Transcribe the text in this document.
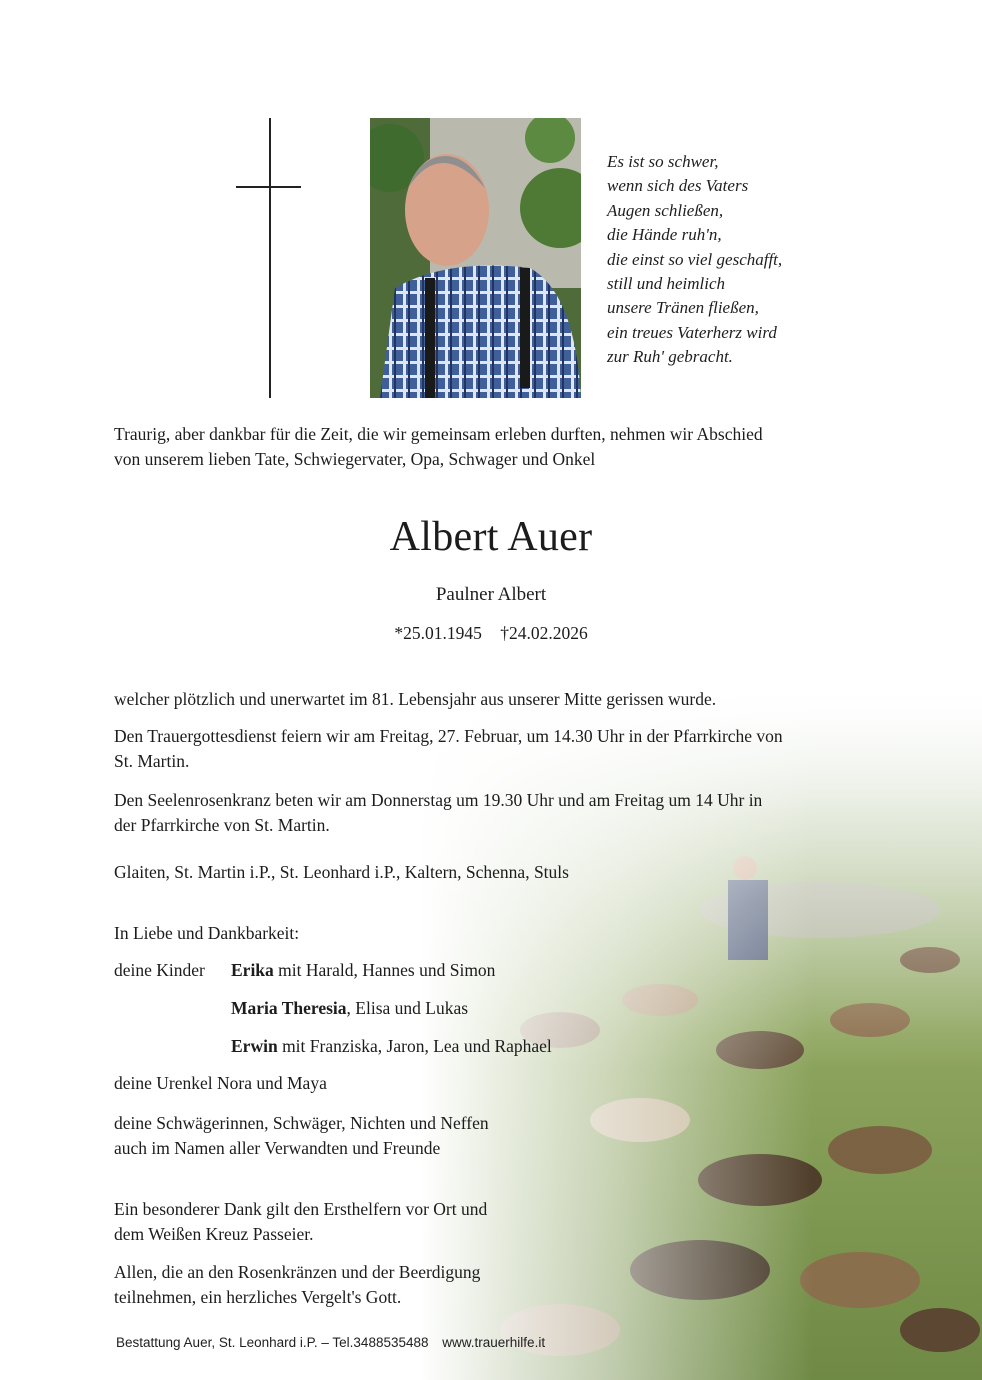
Es ist so schwer,
wenn sich des Vaters
Augen schließen,
die Hände ruh'n,
die einst so viel geschafft,
still und heimlich
unsere Tränen fließen,
ein treues Vaterherz wird
zur Ruh' gebracht.
Traurig, aber dankbar für die Zeit, die wir gemeinsam erleben durften, nehmen wir Abschied
von unserem lieben Tate, Schwiegervater, Opa, Schwager und Onkel
Albert Auer
Paulner Albert
*25.01.1945 †24.02.2026
welcher plötzlich und unerwartet im 81. Lebensjahr aus unserer Mitte gerissen wurde.
Den Trauergottesdienst feiern wir am Freitag, 27. Februar, um 14.30 Uhr in der Pfarrkirche von
St. Martin.
Den Seelenrosenkranz beten wir am Donnerstag um 19.30 Uhr und am Freitag um 14 Uhr in
der Pfarrkirche von St. Martin.
Glaiten, St. Martin i.P., St. Leonhard i.P., Kaltern, Schenna, Stuls
In Liebe und Dankbarkeit:
deine Kinder Erika mit Harald, Hannes und Simon
Maria Theresia, Elisa und Lukas
Erwin mit Franziska, Jaron, Lea und Raphael
deine Urenkel Nora und Maya
deine Schwägerinnen, Schwäger, Nichten und Neffen
auch im Namen aller Verwandten und Freunde
Ein besonderer Dank gilt den Ersthelfern vor Ort und
dem Weißen Kreuz Passeier.
Allen, die an den Rosenkränzen und der Beerdigung
teilnehmen, ein herzliches Vergelt's Gott.
Bestattung Auer, St. Leonhard i.P. – Tel.3488535488 www.trauerhilfe.it
